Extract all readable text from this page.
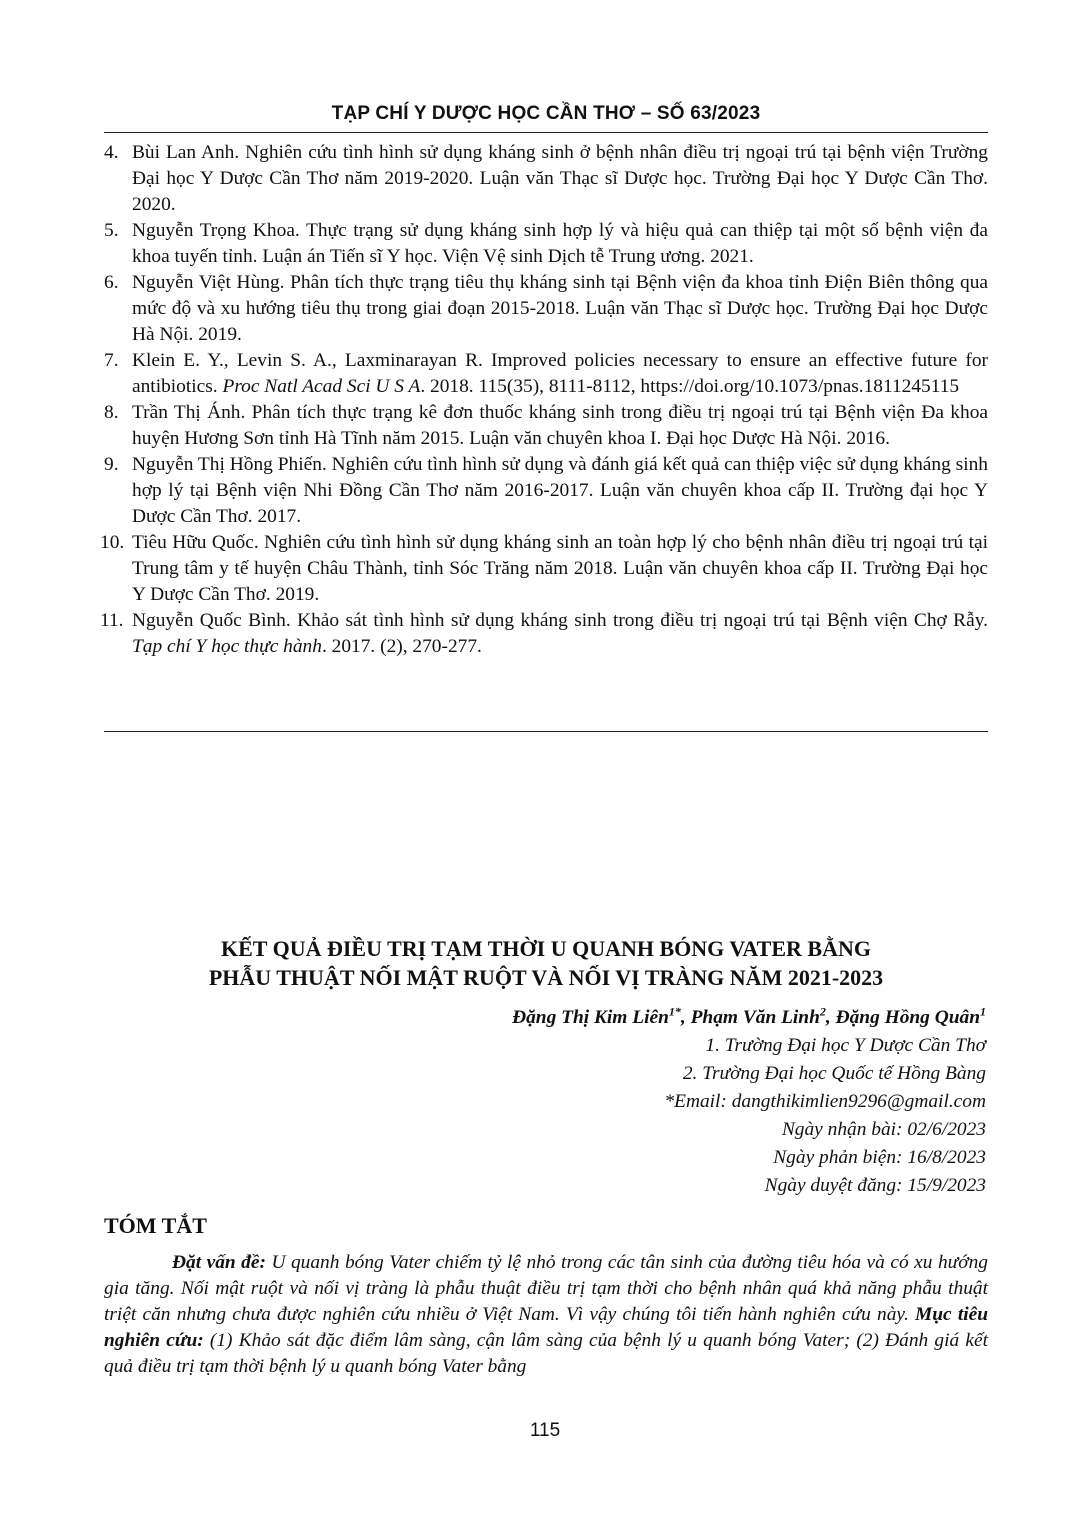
TẠP CHÍ Y DƯỢC HỌC CẦN THƠ – SỐ 63/2023
4. Bùi Lan Anh. Nghiên cứu tình hình sử dụng kháng sinh ở bệnh nhân điều trị ngoại trú tại bệnh viện Trường Đại học Y Dược Cần Thơ năm 2019-2020. Luận văn Thạc sĩ Dược học. Trường Đại học Y Dược Cần Thơ. 2020.
5. Nguyễn Trọng Khoa. Thực trạng sử dụng kháng sinh hợp lý và hiệu quả can thiệp tại một số bệnh viện đa khoa tuyến tỉnh. Luận án Tiến sĩ Y học. Viện Vệ sinh Dịch tễ Trung ương. 2021.
6. Nguyễn Việt Hùng. Phân tích thực trạng tiêu thụ kháng sinh tại Bệnh viện đa khoa tỉnh Điện Biên thông qua mức độ và xu hướng tiêu thụ trong giai đoạn 2015-2018. Luận văn Thạc sĩ Dược học. Trường Đại học Dược Hà Nội. 2019.
7. Klein E. Y., Levin S. A., Laxminarayan R. Improved policies necessary to ensure an effective future for antibiotics. Proc Natl Acad Sci U S A. 2018. 115(35), 8111-8112, https://doi.org/10.1073/pnas.1811245115
8. Trần Thị Ánh. Phân tích thực trạng kê đơn thuốc kháng sinh trong điều trị ngoại trú tại Bệnh viện Đa khoa huyện Hương Sơn tỉnh Hà Tĩnh năm 2015. Luận văn chuyên khoa I. Đại học Dược Hà Nội. 2016.
9. Nguyễn Thị Hồng Phiến. Nghiên cứu tình hình sử dụng và đánh giá kết quả can thiệp việc sử dụng kháng sinh hợp lý tại Bệnh viện Nhi Đồng Cần Thơ năm 2016-2017. Luận văn chuyên khoa cấp II. Trường đại học Y Dược Cần Thơ. 2017.
10. Tiêu Hữu Quốc. Nghiên cứu tình hình sử dụng kháng sinh an toàn hợp lý cho bệnh nhân điều trị ngoại trú tại Trung tâm y tế huyện Châu Thành, tỉnh Sóc Trăng năm 2018. Luận văn chuyên khoa cấp II. Trường Đại học Y Dược Cần Thơ. 2019.
11. Nguyễn Quốc Bình. Khảo sát tình hình sử dụng kháng sinh trong điều trị ngoại trú tại Bệnh viện Chợ Rẫy. Tạp chí Y học thực hành. 2017. (2), 270-277.
KẾT QUẢ ĐIỀU TRỊ TẠM THỜI U QUANH BÓNG VATER BẰNG
PHẪU THUẬT NỐI MẬT RUỘT VÀ NỐI VỊ TRÀNG NĂM 2021-2023
Đặng Thị Kim Liên$^{1*}$, Phạm Văn Linh$^2$, Đặng Hồng Quân$^1$
1. Trường Đại học Y Dược Cần Thơ
2. Trường Đại học Quốc tế Hồng Bàng
*Email: dangthikimlien9296@gmail.com
Ngày nhận bài: 02/6/2023
Ngày phản biện: 16/8/2023
Ngày duyệt đăng: 15/9/2023
TÓM TẮT

Đặt vấn đề: U quanh bóng Vater chiếm tỷ lệ nhỏ trong các tân sinh của đường tiêu hóa và có xu hướng gia tăng. Nối mật ruột và nối vị tràng là phẫu thuật điều trị tạm thời cho bệnh nhân quá khả năng phẫu thuật triệt căn nhưng chưa được nghiên cứu nhiều ở Việt Nam. Vì vậy chúng tôi tiến hành nghiên cứu này. Mục tiêu nghiên cứu: (1) Khảo sát đặc điểm lâm sàng, cận lâm sàng của bệnh lý u quanh bóng Vater; (2) Đánh giá kết quả điều trị tạm thời bệnh lý u quanh bóng Vater bằng

115
